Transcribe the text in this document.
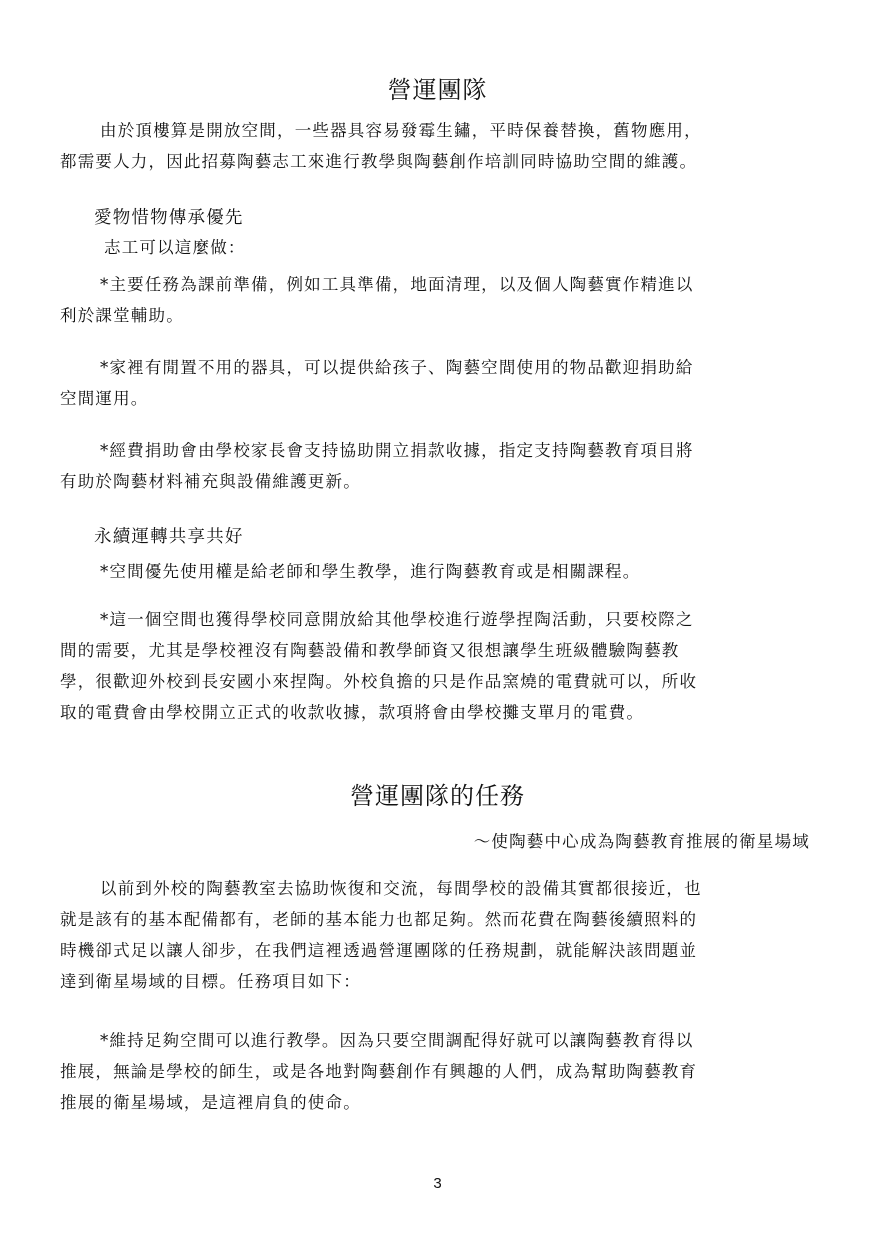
營運團隊
由於頂樓算是開放空間，一些器具容易發霉生鏽，平時保養替換，舊物應用，
都需要人力，因此招募陶藝志工來進行教學與陶藝創作培訓同時協助空間的維護。
愛物惜物傳承優先
志工可以這麼做：
*主要任務為課前準備，例如工具準備，地面清理，以及個人陶藝實作精進以
利於課堂輔助。
*家裡有閒置不用的器具，可以提供給孩子、陶藝空間使用的物品歡迎捐助給
空間運用。
*經費捐助會由學校家長會支持協助開立捐款收據，指定支持陶藝教育項目將
有助於陶藝材料補充與設備維護更新。
永續運轉共享共好
*空間優先使用權是給老師和學生教學，進行陶藝教育或是相關課程。
*這一個空間也獲得學校同意開放給其他學校進行遊學捏陶活動，只要校際之
間的需要，尤其是學校裡沒有陶藝設備和教學師資又很想讓學生班級體驗陶藝教
學，很歡迎外校到長安國小來捏陶。外校負擔的只是作品窯燒的電費就可以，所收
取的電費會由學校開立正式的收款收據，款項將會由學校攤支單月的電費。
營運團隊的任務
～使陶藝中心成為陶藝教育推展的衛星場域
以前到外校的陶藝教室去協助恢復和交流，每間學校的設備其實都很接近，也
就是該有的基本配備都有，老師的基本能力也都足夠。然而花費在陶藝後續照料的
時機卻式足以讓人卻步，在我們這裡透過營運團隊的任務規劃，就能解決該問題並
達到衛星場域的目標。任務項目如下：
*維持足夠空間可以進行教學。因為只要空間調配得好就可以讓陶藝教育得以
推展，無論是學校的師生，或是各地對陶藝創作有興趣的人們，成為幫助陶藝教育
推展的衛星場域，是這裡肩負的使命。
3
